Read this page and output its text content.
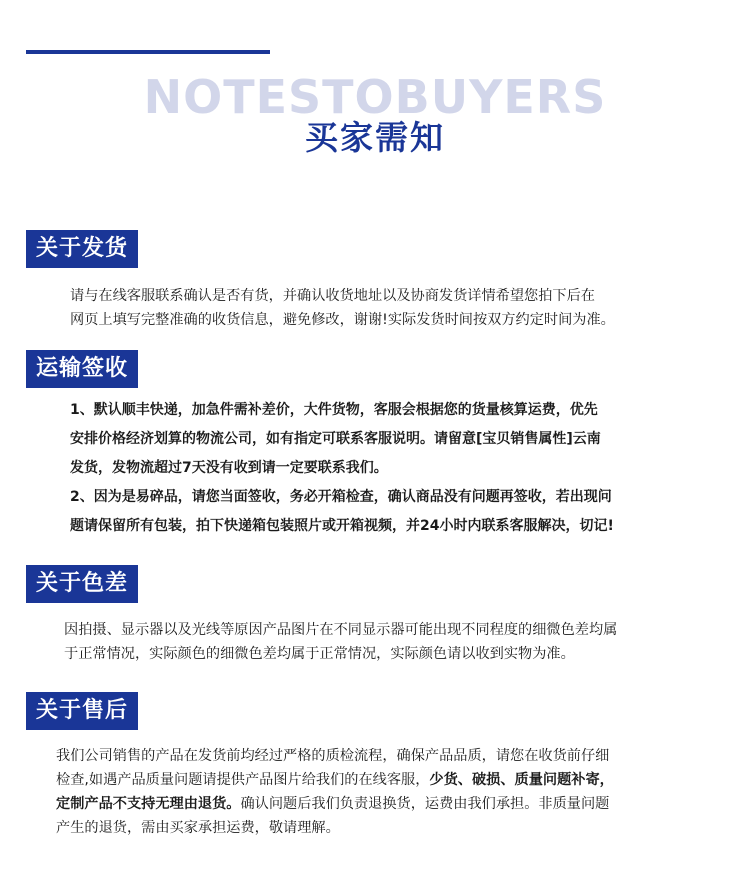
NOTESTOBUYERS
买家需知
关于发货
请与在线客服联系确认是否有货，并确认收货地址以及协商发货详情希望您拍下后在
网页上填写完整准确的收货信息，避免修改，谢谢!实际发货时间按双方约定时间为准。
运输签收
1、默认顺丰快递，加急件需补差价，大件货物，客服会根据您的货量核算运费，优先
安排价格经济划算的物流公司，如有指定可联系客服说明。请留意[宝贝销售属性]云南
发货，发物流超过7天没有收到请一定要联系我们。
2、因为是易碎品，请您当面签收，务必开箱检查，确认商品没有问题再签收，若出现问
题请保留所有包装，拍下快递箱包装照片或开箱视频，并24小时内联系客服解决，切记!
关于色差
因拍摄、显示器以及光线等原因产品图片在不同显示器可能出现不同程度的细微色差均属
于正常情况，实际颜色的细微色差均属于正常情况，实际颜色请以收到实物为准。
关于售后
我们公司销售的产品在发货前均经过严格的质检流程，确保产品品质，请您在收货前仔细
检查,如遇产品质量问题请提供产品图片给我们的在线客服，少货、破损、质量问题补寄，
定制产品不支持无理由退货。确认问题后我们负责退换货，运费由我们承担。非质量问题
产生的退货，需由买家承担运费，敬请理解。
